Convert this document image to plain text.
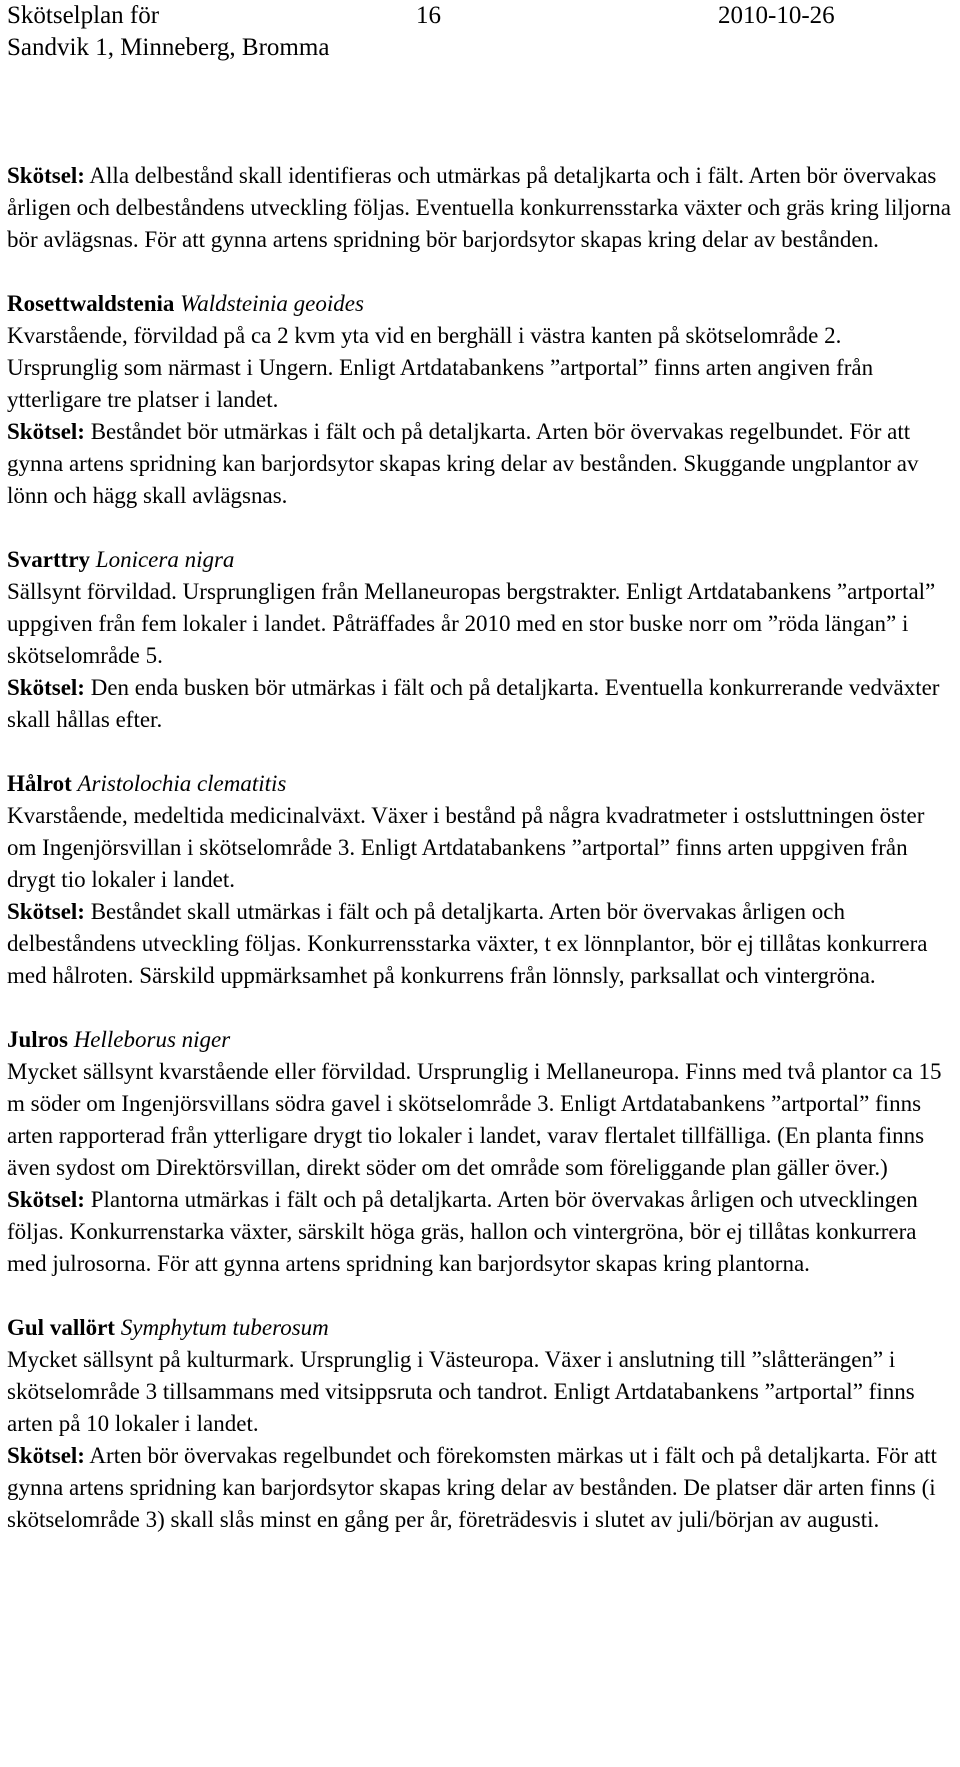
Skötselplan för
Sandvik 1, Minneberg, Bromma
16	2010-10-26

Skötsel: Alla delbestånd skall identifieras och utmärkas på detaljkarta och i fält. Arten bör övervakas årligen och delbeståndens utveckling följas. Eventuella konkurrensstarka växter och gräs kring liljorna bör avlägsnas. För att gynna artens spridning bör barjordsytor skapas kring delar av bestånden.

Rosettwaldstenia Waldsteinia geoides

Kvarstående, förvildad på ca 2 kvm yta vid en berghäll i västra kanten på skötselområde 2. Ursprunglig som närmast i Ungern. Enligt Artdatabankens ”artportal” finns arten angiven från ytterligare tre platser i landet.

Skötsel: Beståndet bör utmärkas i fält och på detaljkarta. Arten bör övervakas regelbundet. För att gynna artens spridning kan barjordsytor skapas kring delar av bestånden. Skuggande ungplantor av lönn och hägg skall avlägsnas.

Svarttry Lonicera nigra

Sällsynt förvildad. Ursprungligen från Mellaneuropas bergstrakter. Enligt Artdatabankens ”artportal” uppgiven från fem lokaler i landet. Påträffades år 2010 med en stor buske norr om ”röda längan” i skötselområde 5.

Skötsel: Den enda busken bör utmärkas i fält och på detaljkarta. Eventuella konkurrerande vedväxter skall hållas efter.

Hålrot Aristolochia clematitis

Kvarstående, medeltida medicinalväxt. Växer i bestånd på några kvadratmeter i ostsluttningen öster om Ingenjörsvillan i skötselområde 3. Enligt Artdatabankens ”artportal” finns arten uppgiven från drygt tio lokaler i landet.

Skötsel: Beståndet skall utmärkas i fält och på detaljkarta. Arten bör övervakas årligen och delbeståndens utveckling följas. Konkurrensstarka växter, t ex lönnplantor, bör ej tillåtas konkurrera med hålroten. Särskild uppmärksamhet på konkurrens från lönnsly, parksallat och vintergröna.

Julros Helleborus niger

Mycket sällsynt kvarstående eller förvildad. Ursprunglig i Mellaneuropa. Finns med två plantor ca 15 m söder om Ingenjörsvillans södra gavel i skötselområde 3. Enligt Artdatabankens ”artportal” finns arten rapporterad från ytterligare drygt tio lokaler i landet, varav flertalet tillfälliga. (En planta finns även sydost om Direktörsvillan, direkt söder om det område som föreliggande plan gäller över.)

Skötsel: Plantorna utmärkas i fält och på detaljkarta. Arten bör övervakas årligen och utvecklingen följas. Konkurrenstarka växter, särskilt höga gräs, hallon och vintergröna, bör ej tillåtas konkurrera med julrosorna. För att gynna artens spridning kan barjordsytor skapas kring plantorna.

Gul vallört Symphytum tuberosum

Mycket sällsynt på kulturmark. Ursprunglig i Västeuropa. Växer i anslutning till ”slåtterängen” i skötselområde 3 tillsammans med vitsippsruta och tandrot. Enligt Artdatabankens ”artportal” finns arten på 10 lokaler i landet.

Skötsel: Arten bör övervakas regelbundet och förekomsten märkas ut i fält och på detaljkarta. För att gynna artens spridning kan barjordsytor skapas kring delar av bestånden. De platser där arten finns (i skötselområde 3) skall slås minst en gång per år, företrädesvis i slutet av juli/början av augusti.
